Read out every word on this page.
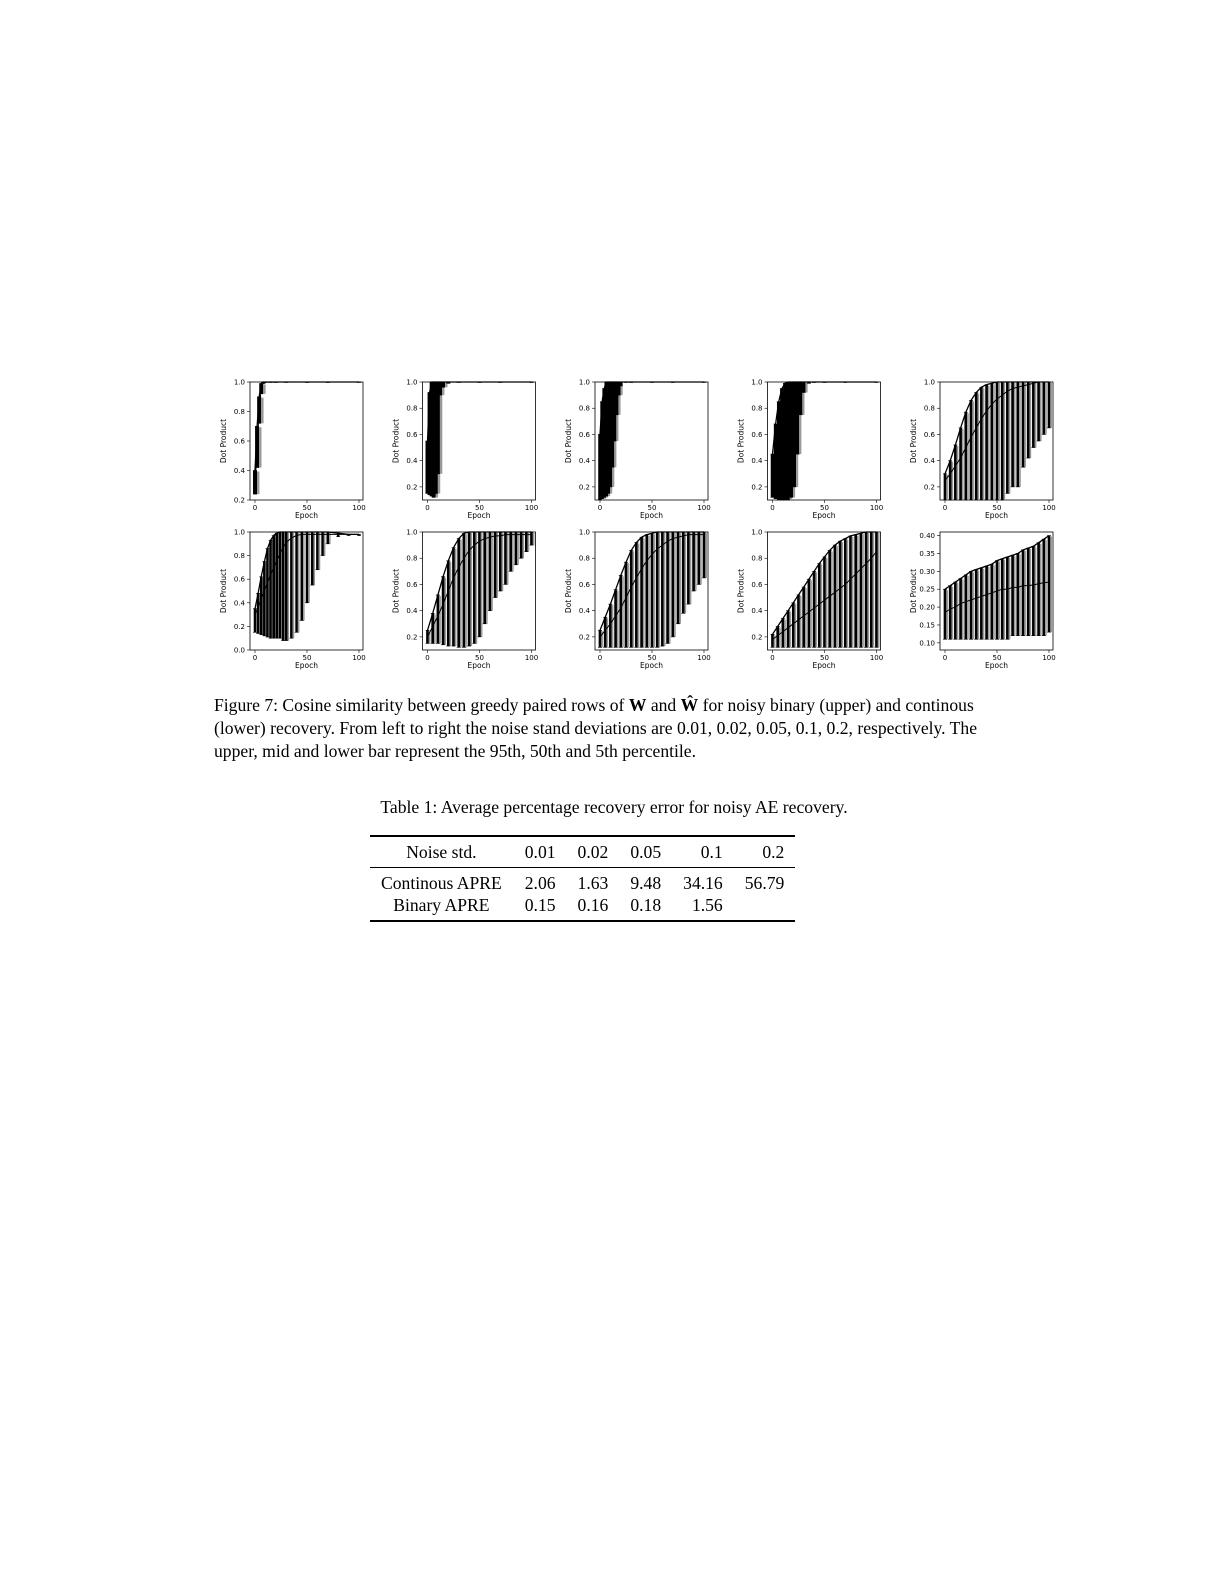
0.2
0.4
0.6
0.8
1.0
0	50	100
Epoch
Dot Product
0.2
0.4
0.6
0.8
1.0
0	50	100
Epoch
Dot Product
0.2
0.4
0.6
0.8
1.0
0	50	100
Epoch
Dot Product
0.2
0.4
0.6
0.8
1.0
0	50	100
Epoch
Dot Product
0.2
0.4
0.6
0.8
1.0
0	50	100
Epoch
Dot Product
0.0
0.2
0.4
0.6
0.8
1.0
0	50	100
Epoch
Dot Product
0.2
0.4
0.6
0.8
1.0
0	50	100
Epoch
Dot Product
0.2
0.4
0.6
0.8
1.0
0	50	100
Epoch
Dot Product
0.2
0.4
0.6
0.8
1.0
0	50	100
Epoch
Dot Product
0.10
0.15
0.20
0.25
0.30
0.35
0.40
0	50	100
Epoch
Dot Product
Figure 7: Cosine similarity between greedy paired rows of W and Ŵ for noisy binary (upper) and continous (lower) recovery. From left to right the noise stand deviations are 0.01, 0.02, 0.05, 0.1, 0.2, respectively. The upper, mid and lower bar represent the 95th, 50th and 5th percentile.
Table 1: Average percentage recovery error for noisy AE recovery.
Noise std.	0.01	0.02	0.05	0.1	0.2
Continous APRE	2.06	1.63	9.48	34.16	56.79
Binary APRE	0.15	0.16	0.18	1.56	
